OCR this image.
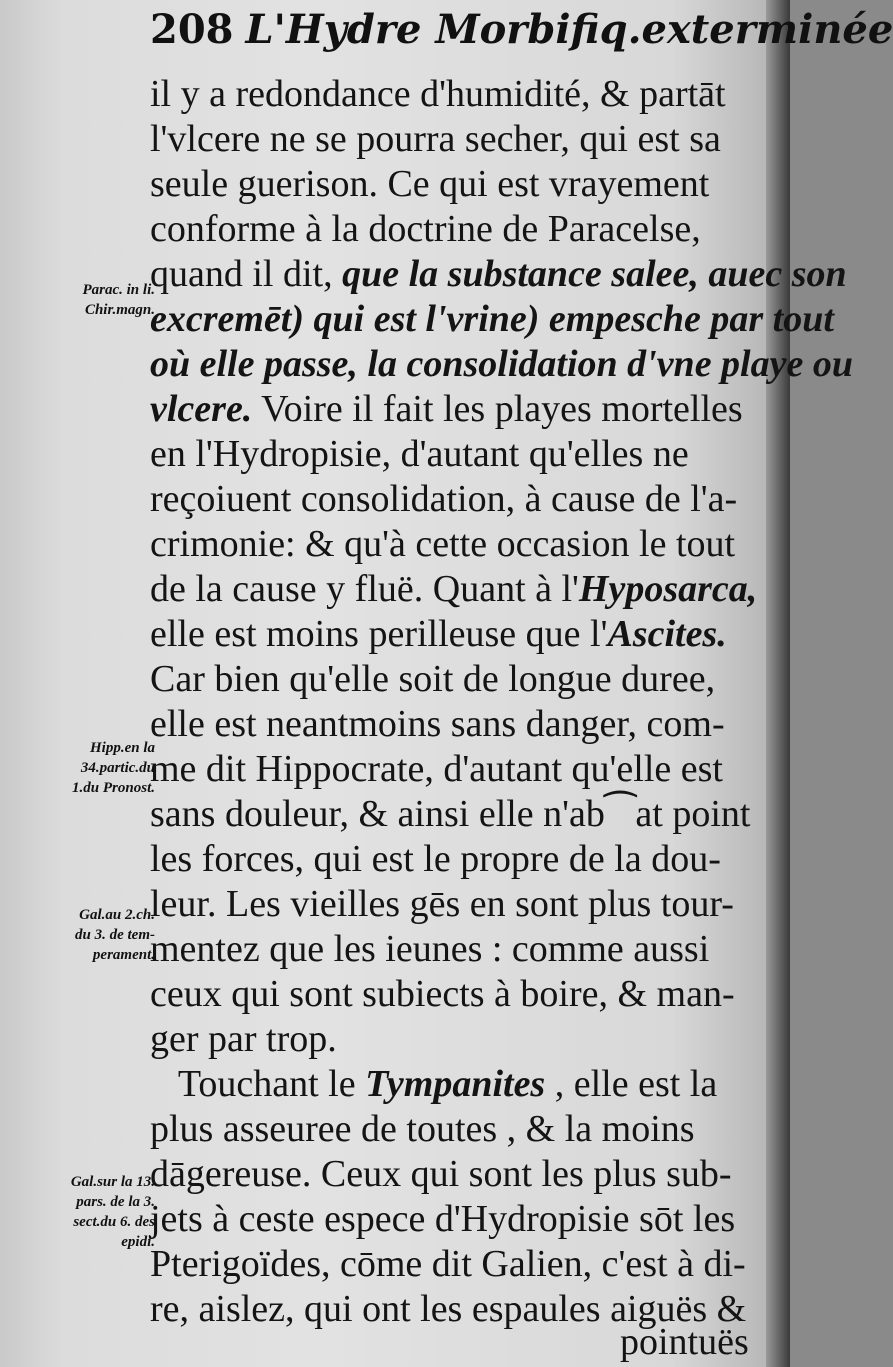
208 L'Hydre Morbifiq.exterminée
il y a redondance d'humidité, & partāt
l'vlcere ne se pourra secher, qui est sa
seule guerison. Ce qui est vrayement
conforme à la doctrine de Paracelse,
quand il dit, que la substance salee, auec son
excremēt) qui est l'vrine) empesche par tout
où elle passe, la consolidation d'vne playe ou
vlcere. Voire il fait les playes mortelles
en l'Hydropisie, d'autant qu'elles ne
reçoiuent consolidation, à cause de l'a-
crimonie: & qu'à cette occasion le tout
de la cause y fluë. Quant à l'Hyposarca,
elle est moins perilleuse que l'Ascites.
Car bien qu'elle soit de longue duree,
elle est neantmoins sans danger, com-
me dit Hippocrate, d'autant qu'elle est
sans douleur, & ainsi elle n'ab⁀at point
les forces, qui est le propre de la dou-
leur. Les vieilles gēs en sont plus tour-
mentez que les ieunes : comme aussi
ceux qui sont subiects à boire, & man-
ger par trop.
Touchant le Tympanites , elle est la
plus asseuree de toutes , & la moins
dāgereuse. Ceux qui sont les plus sub-
jets à ceste espece d'Hydropisie sōt les
Pterigoïdes, cōme dit Galien, c'est à di-
re, aislez, qui ont les espaules aiguës &
pointuës
Parac. in li.
Chir.magn.
Hipp.en la
34.partic.du
1.du Pronost.
Gal.au 2.ch.
du 3. de tem-
perament.
Gal.sur la 13.
pars. de la 3.
sect.du 6. des
epidi.
